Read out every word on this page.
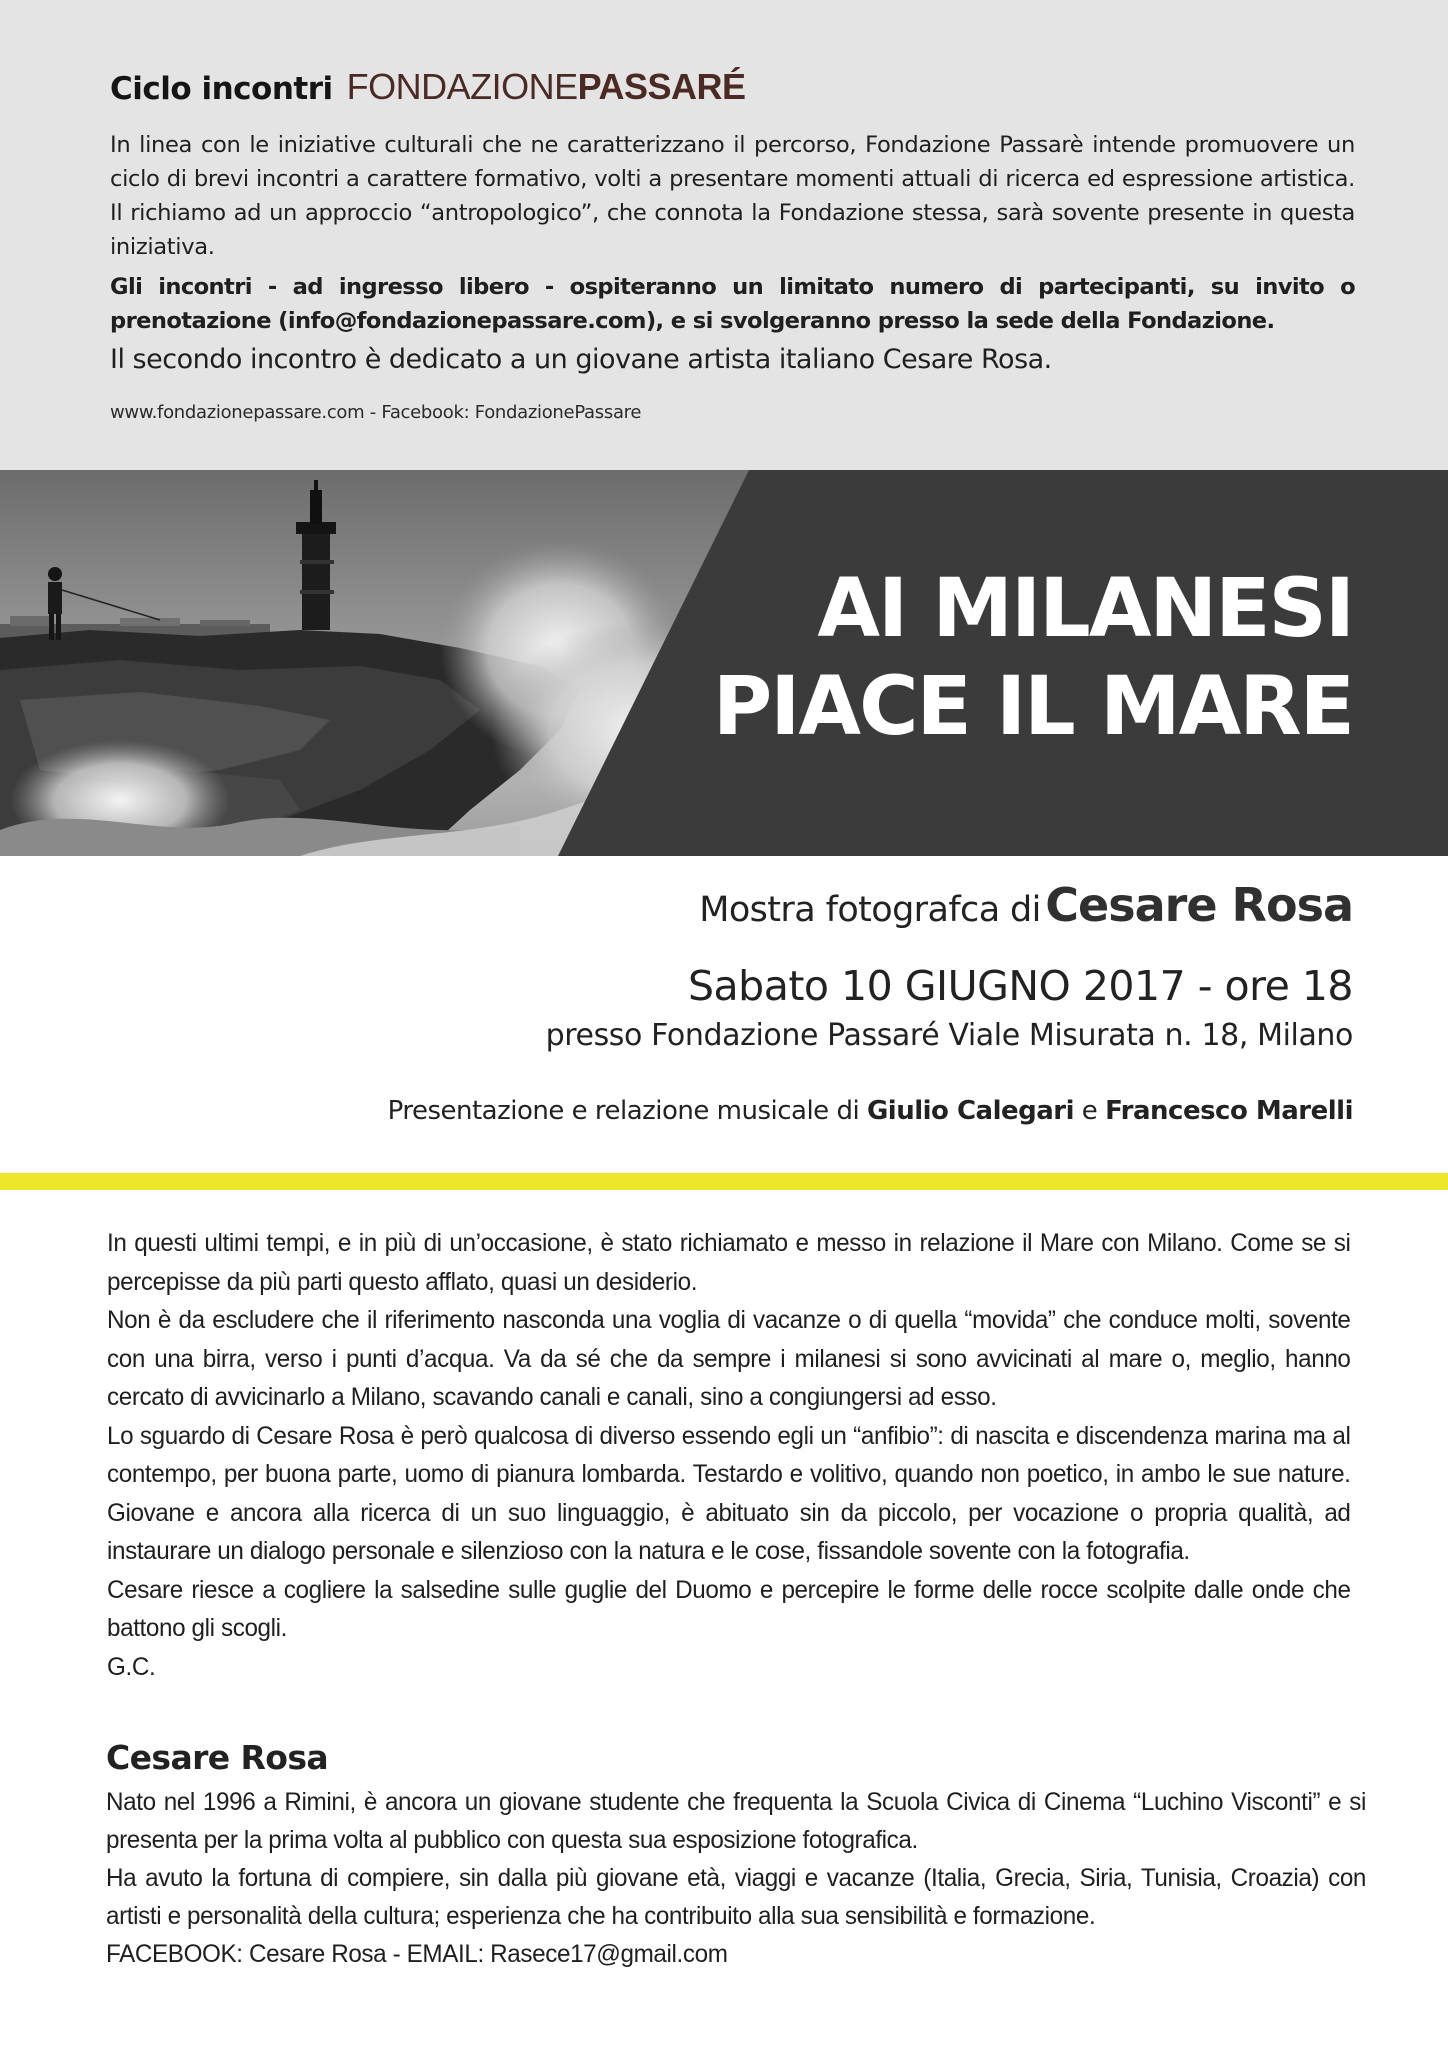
Ciclo incontri FONDAZIONEPASSARÉ
In linea con le iniziative culturali che ne caratterizzano il percorso, Fondazione Passarè intende promuovere un ciclo di brevi incontri a carattere formativo, volti a presentare momenti attuali di ricerca ed espressione artistica. Il richiamo ad un approccio “antropologico”, che connota la Fondazione stessa, sarà sovente presente in questa iniziativa.
Gli incontri - ad ingresso libero - ospiteranno un limitato numero di partecipanti, su invito o prenotazione (info@fondazionepassare.com), e si svolgeranno presso la sede della Fondazione.
Il secondo incontro è dedicato a un giovane artista italiano Cesare Rosa.
www.fondazionepassare.com - Facebook: FondazionePassare
AI MILANESI
PIACE IL MARE
Mostra fotografca di Cesare Rosa
Sabato 10 GIUGNO 2017 - ore 18
presso Fondazione Passaré Viale Misurata n. 18, Milano
Presentazione e relazione musicale di Giulio Calegari e Francesco Marelli

In questi ultimi tempi, e in più di un’occasione, è stato richiamato e messo in relazione il Mare con Milano. Come se si percepisse da più parti questo afflato, quasi un desiderio.

Non è da escludere che il riferimento nasconda una voglia di vacanze o di quella “movida” che conduce molti, sovente con una birra, verso i punti d’acqua. Va da sé che da sempre i milanesi si sono avvicinati al mare o, meglio, hanno cercato di avvicinarlo a Milano, scavando canali e canali, sino a congiungersi ad esso.

Lo sguardo di Cesare Rosa è però qualcosa di diverso essendo egli un “anfibio”: di nascita e discendenza marina ma al contempo, per buona parte, uomo di pianura lombarda. Testardo e volitivo, quando non poetico, in ambo le sue nature. Giovane e ancora alla ricerca di un suo linguaggio, è abituato sin da piccolo, per vocazione o propria qualità, ad instaurare un dialogo personale e silenzioso con la natura e le cose, fissandole sovente con la fotografia.

Cesare riesce a cogliere la salsedine sulle guglie del Duomo e percepire le forme delle rocce scolpite dalle onde che battono gli scogli.

G.C.

Cesare Rosa

Nato nel 1996 a Rimini, è ancora un giovane studente che frequenta la Scuola Civica di Cinema “Luchino Visconti” e si presenta per la prima volta al pubblico con questa sua esposizione fotografica.

Ha avuto la fortuna di compiere, sin dalla più giovane età, viaggi e vacanze (Italia, Grecia, Siria, Tunisia, Croazia) con artisti e personalità della cultura; esperienza che ha contribuito alla sua sensibilità e formazione.

FACEBOOK: Cesare Rosa - EMAIL: Rasece17@gmail.com
